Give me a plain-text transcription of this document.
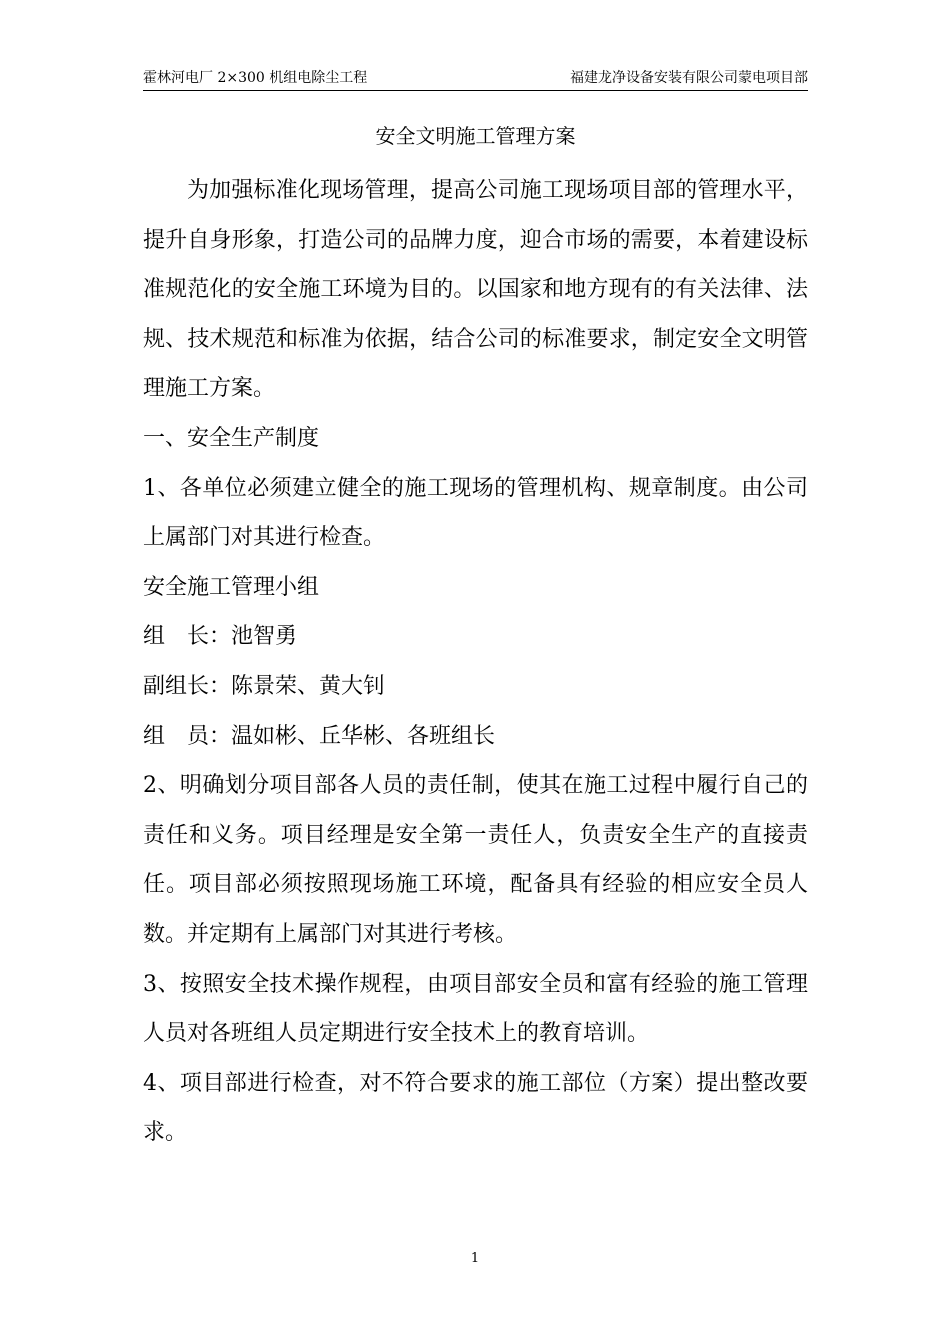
霍林河电厂 2×300 机组电除尘工程	福建龙净设备安装有限公司蒙电项目部
安全文明施工管理方案

为加强标准化现场管理，提高公司施工现场项目部的管理水平，提升自身形象，打造公司的品牌力度，迎合市场的需要，本着建设标准规范化的安全施工环境为目的。以国家和地方现有的有关法律、法规、技术规范和标准为依据，结合公司的标准要求，制定安全文明管理施工方案。

一、安全生产制度

1、各单位必须建立健全的施工现场的管理机构、规章制度。由公司上属部门对其进行检查。

安全施工管理小组

组　长：池智勇

副组长：陈景荣、黄大钊

组　员：温如彬、丘华彬、各班组长

2、明确划分项目部各人员的责任制，使其在施工过程中履行自己的责任和义务。项目经理是安全第一责任人，负责安全生产的直接责任。项目部必须按照现场施工环境，配备具有经验的相应安全员人数。并定期有上属部门对其进行考核。

3、按照安全技术操作规程，由项目部安全员和富有经验的施工管理人员对各班组人员定期进行安全技术上的教育培训。

4、项目部进行检查，对不符合要求的施工部位（方案）提出整改要求。

1
